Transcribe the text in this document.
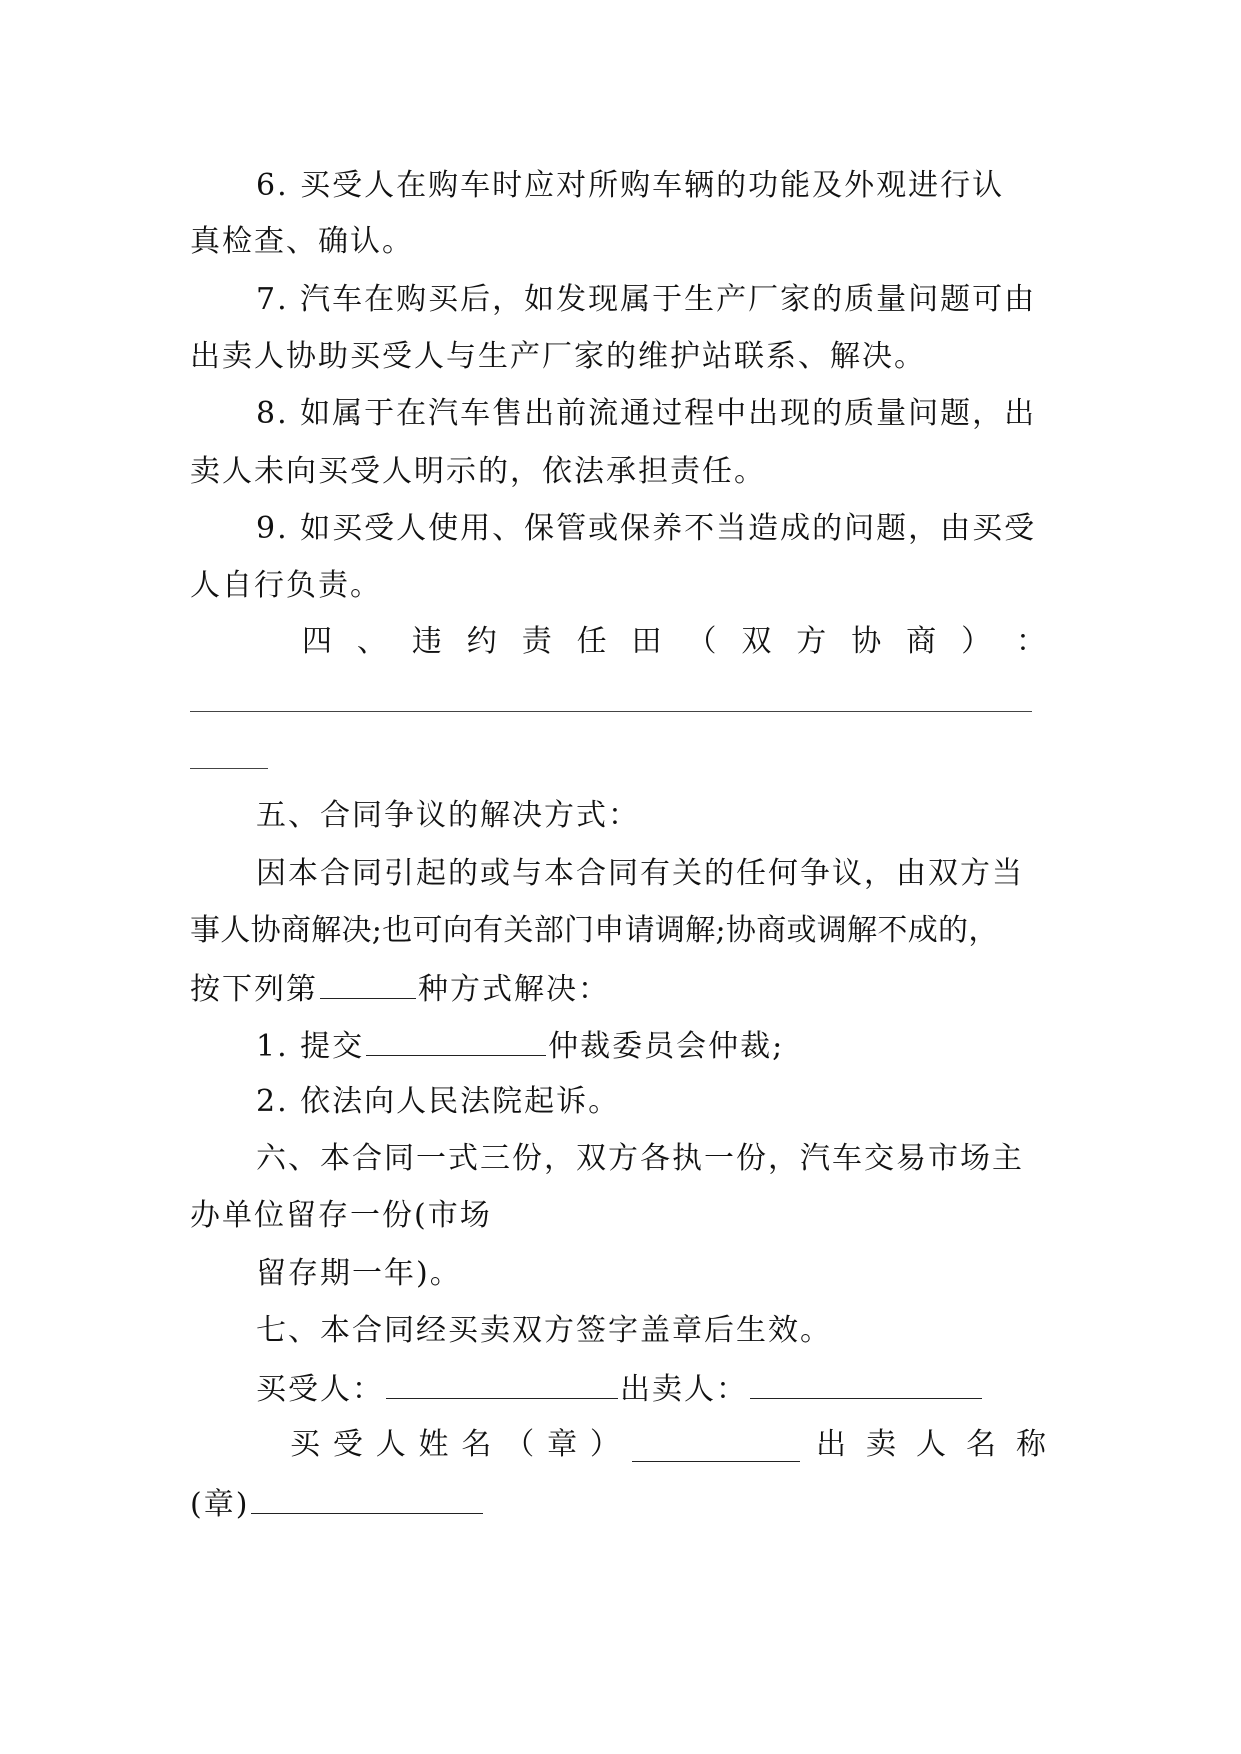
6. 买受人在购车时应对所购车辆的功能及外观进行认
真检查、确认。
7. 汽车在购买后，如发现属于生产厂家的质量问题可由
出卖人协助买受人与生产厂家的维护站联系、解决。
8. 如属于在汽车售出前流通过程中出现的质量问题，出
卖人未向买受人明示的，依法承担责任。
9. 如买受人使用、保管或保养不当造成的问题，由买受
人自行负责。
四 、 违 约 责 任 田 （ 双 方 协 商 ） ：
五、合同争议的解决方式：
因本合同引起的或与本合同有关的任何争议，由双方当
事人协商解决;也可向有关部门申请调解;协商或调解不成的，
按下列第	种方式解决：
1. 提交	仲裁委员会仲裁;
2. 依法向人民法院起诉。
六、本合同一式三份，双方各执一份，汽车交易市场主
办单位留存一份(市场
留存期一年)。
七、本合同经买卖双方签字盖章后生效。
买受人：	出卖人：
买 受 人 姓 名 （ 章 ）	出 卖 人 名 称
(章)
